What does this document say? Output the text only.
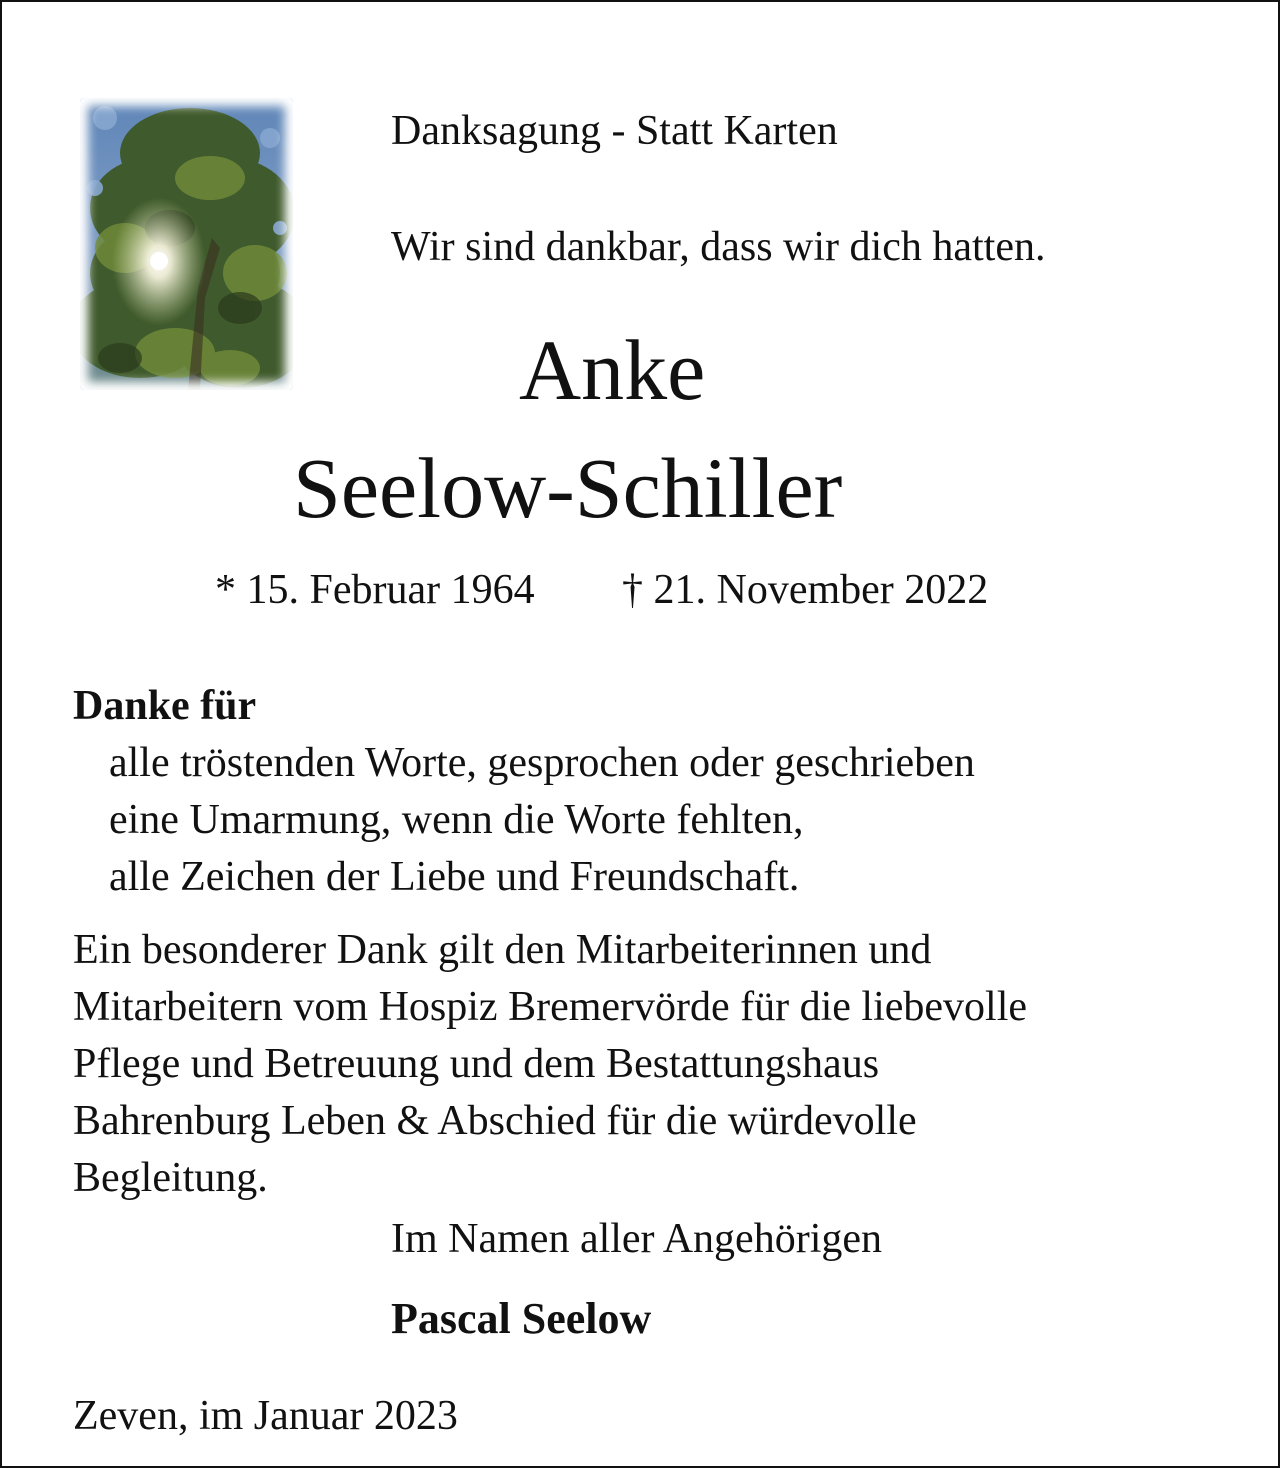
Danksagung - Statt Karten
Wir sind dankbar, dass wir dich hatten.
Anke
Seelow-Schiller
* 15. Februar 1964 † 21. November 2022
Danke für
alle tröstenden Worte, gesprochen oder geschrieben
eine Umarmung, wenn die Worte fehlten,
alle Zeichen der Liebe und Freundschaft.
Ein besonderer Dank gilt den Mitarbeiterinnen und
Mitarbeitern vom Hospiz Bremervörde für die liebevolle
Pflege und Betreuung und dem Bestattungshaus
Bahrenburg Leben & Abschied für die würdevolle
Begleitung.
Im Namen aller Angehörigen
Pascal Seelow
Zeven, im Januar 2023
